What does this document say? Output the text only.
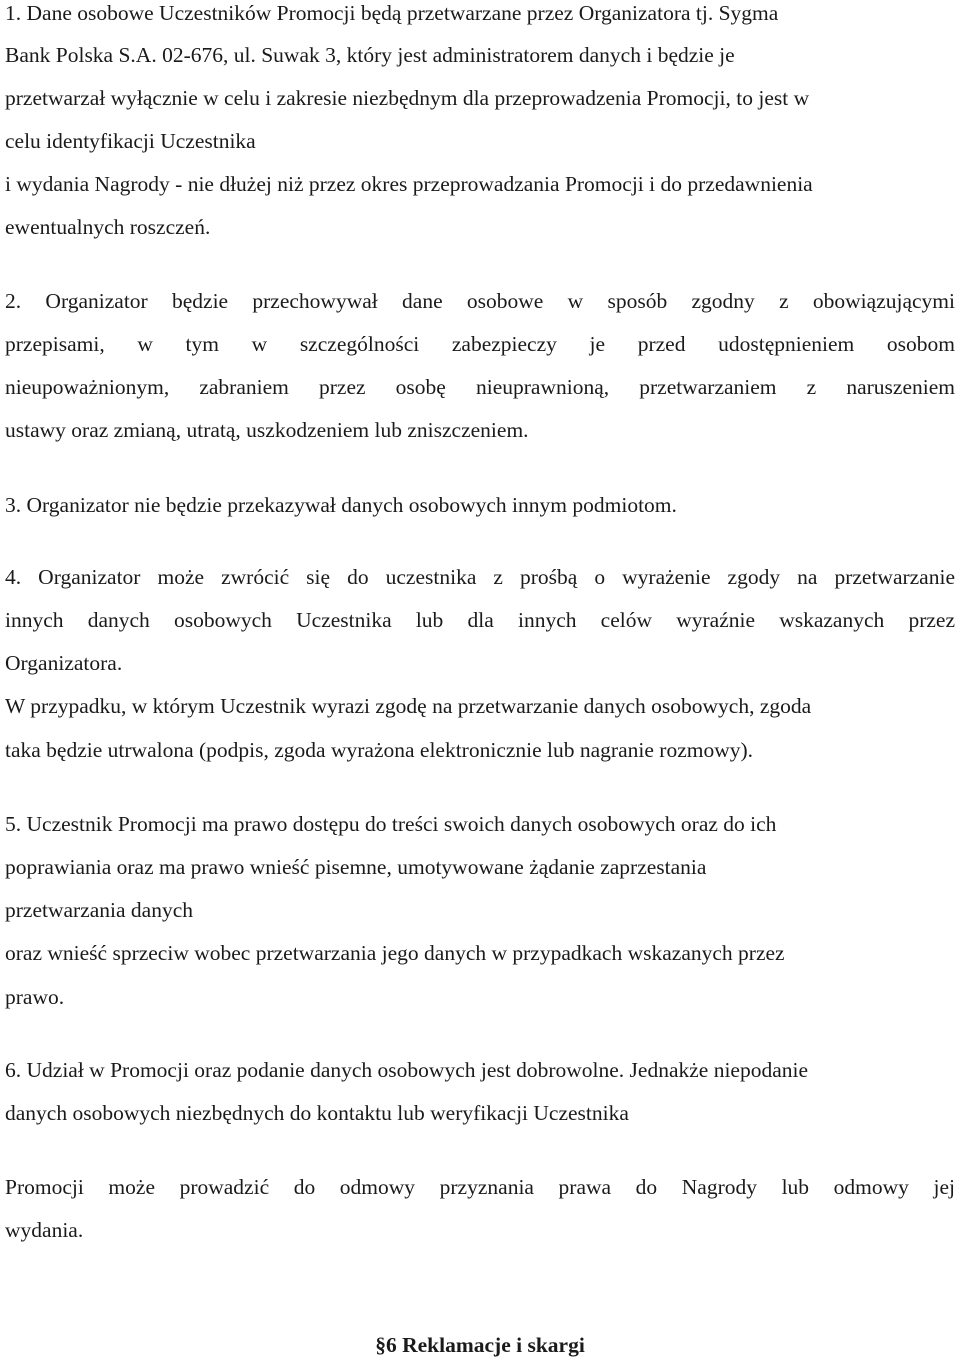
1. Dane osobowe Uczestników Promocji będą przetwarzane przez Organizatora tj. Sygma
Bank Polska S.A. 02-676, ul. Suwak 3, który jest administratorem danych i będzie je
przetwarzał wyłącznie w celu i zakresie niezbędnym dla przeprowadzenia Promocji, to jest w
celu identyfikacji Uczestnika
i wydania Nagrody - nie dłużej niż przez okres przeprowadzania Promocji i do przedawnienia
ewentualnych roszczeń.
2. Organizator będzie przechowywał dane osobowe w sposób zgodny z obowiązującymi
przepisami, w tym w szczególności zabezpieczy je przed udostępnieniem osobom
nieupoważnionym, zabraniem przez osobę nieuprawnioną, przetwarzaniem z naruszeniem
ustawy oraz zmianą, utratą, uszkodzeniem lub zniszczeniem.
3. Organizator nie będzie przekazywał danych osobowych innym podmiotom.
4. Organizator może zwrócić się do uczestnika z prośbą o wyrażenie zgody na przetwarzanie
innych danych osobowych Uczestnika lub dla innych celów wyraźnie wskazanych przez
Organizatora.
W przypadku, w którym Uczestnik wyrazi zgodę na przetwarzanie danych osobowych, zgoda
taka będzie utrwalona (podpis, zgoda wyrażona elektronicznie lub nagranie rozmowy).
5. Uczestnik Promocji ma prawo dostępu do treści swoich danych osobowych oraz do ich
poprawiania oraz ma prawo wnieść pisemne, umotywowane żądanie zaprzestania
przetwarzania danych
oraz wnieść sprzeciw wobec przetwarzania jego danych w przypadkach wskazanych przez
prawo.
6. Udział w Promocji oraz podanie danych osobowych jest dobrowolne. Jednakże niepodanie
danych osobowych niezbędnych do kontaktu lub weryfikacji Uczestnika
Promocji może prowadzić do odmowy przyznania prawa do Nagrody lub odmowy jej
wydania.
§6 Reklamacje i skargi
